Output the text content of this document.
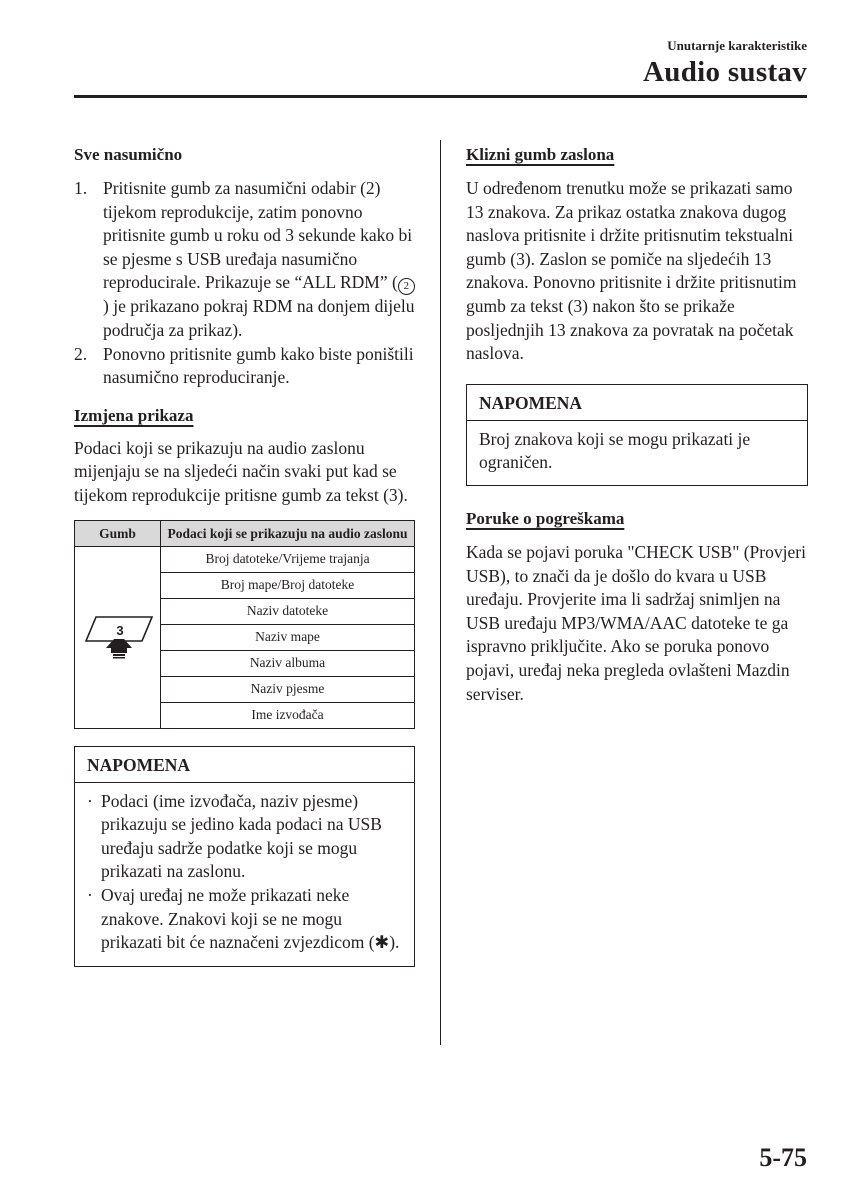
Unutarnje karakteristike
Audio sustav

Sve nasumično

1. Pritisnite gumb za nasumični odabir (2) tijekom reprodukcije, zatim ponovno pritisnite gumb u roku od 3 sekunde kako bi se pjesme s USB uređaja nasumično reproducirale. Prikazuje se “ALL RDM” ( 2) je prikazano pokraj RDM na donjem dijelu područja za prikaz).
2. Ponovno pritisnite gumb kako biste poništili nasumično reproduciranje.

Izmjena prikaza

Podaci koji se prikazuju na audio zaslonu mijenjaju se na sljedeći način svaki put kad se tijekom reprodukcije pritisne gumb za tekst (3).

Gumb	Podaci koji se prikazuju na audio zaslonu

3	Broj datoteke/Vrijeme trajanja
	Broj mape/Broj datoteke
	Naziv datoteke
	Naziv mape
	Naziv albuma
	Naziv pjesme
	Ime izvođača
NAPOMENA
· Podaci (ime izvođača, naziv pjesme) prikazuju se jedino kada podaci na USB uređaju sadrže podatke koji se mogu prikazati na zaslonu.
· Ovaj uređaj ne može prikazati neke znakove. Znakovi koji se ne mogu prikazati bit će naznačeni zvjezdicom (✱).

Klizni gumb zaslona

U određenom trenutku može se prikazati samo 13 znakova. Za prikaz ostatka znakova dugog naslova pritisnite i držite pritisnutim tekstualni gumb (3). Zaslon se pomiče na sljedećih 13 znakova. Ponovno pritisnite i držite pritisnutim gumb za tekst (3) nakon što se prikaže posljednjih 13 znakova za povratak na početak naslova.

NAPOMENA

Broj znakova koji se mogu prikazati je ograničen.

Poruke o pogreškama

Kada se pojavi poruka "CHECK USB" (Provjeri USB), to znači da je došlo do kvara u USB uređaju. Provjerite ima li sadržaj snimljen na USB uređaju MP3/WMA/AAC datoteke te ga ispravno priključite. Ako se poruka ponovo pojavi, uređaj neka pregleda ovlašteni Mazdin serviser.

5-75
